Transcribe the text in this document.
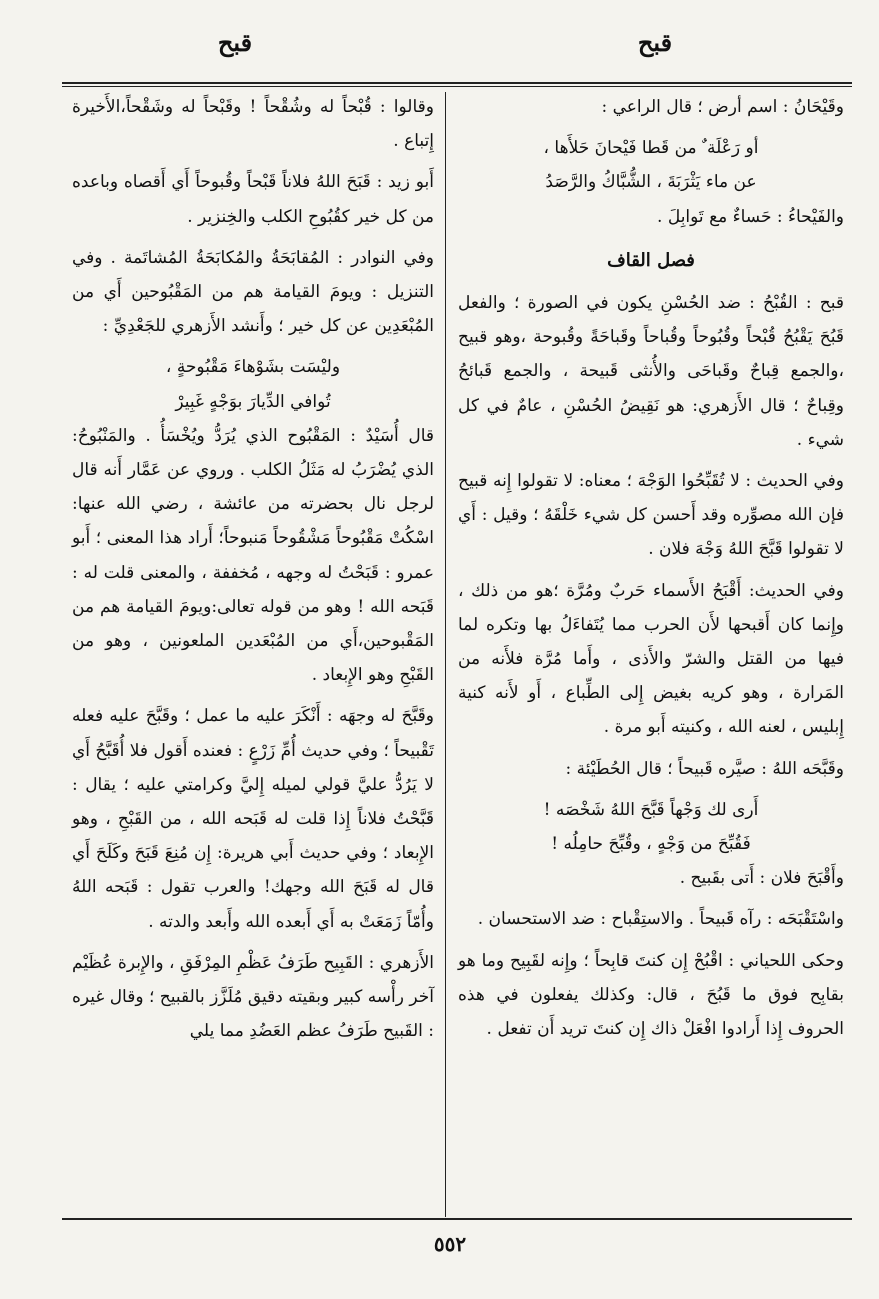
قبح
قبح

وقَيْحَانُ : اسم أرض ؛ قال الراعي :

أو رَعْلَة ٌ من قَطا فَيْحانَ حَلأَها ،

عن ماء يَثْرَبَةَ ، الشُّبَّاكُ والرَّصَدُ

والفَيْحاءُ : حَساءٌ مع تَوابِلَ .

فصل القاف

قبح : القُبْحُ : ضد الحُسْنِ يكون في الصورة ؛ والفعل قَبُحَ يَقْبُحُ قُبْحاً وقُبُوحاً وقُباحاً وقَباحَةً وقُبوحة ،وهو قبيح ،والجمع قِباحٌ وقَباحَى والأُنثى قَبيحة ، والجمع قَبائحُ وقِباحٌ ؛ قال الأَزهري: هو نَقِيضُ الحُسْنِ ، عامٌ في كل شيء .

وفي الحديث : لا تُقَبِّحُوا الوَجْهَ ؛ معناه: لا تقولوا إِنه قبيح فإن الله مصوِّره وقد أَحسن كل شيء خَلْقَهُ ؛ وقيل : أَي لا تقولوا قَبَّحَ اللهُ وَجْهَ فلان .

وفي الحديث: أَقْبَحُ الأَسماء حَربٌ ومُرَّة ؛هو من ذلك ، وإِنما كان أَقبحها لأَن الحرب مما يُتَفاءَلُ بها وتكره لما فيها من القتل والشرّ والأَذى ، وأَما مُرَّة فلأَنه من المَرارة ، وهو كريه بغيض إِلى الطِّباع ، أَو لأَنه كنية إِبليس ، لعنه الله ، وكنيته أَبو مرة .

وقَبَّحَه اللهُ : صيَّره قَبيحاً ؛ قال الحُطَيْئة :

أَرى لك وَجْهاً قَبَّحَ اللهُ شَخْصَه !

فَقُبِّحَ من وَجْهٍ ، وقُبِّحَ حامِلُه !

وأَقْبَحَ فلان : أَتى بقَبيح .

واسْتَقْبَحَه : رآه قَبيحاً . والاستِقْباح : ضد الاستحسان .

وحكى اللحياني : اقْبُحْ إِن كنتَ قابِحاً ؛ وإِنه لقَبِيح وما هو بقابِح فوق ما قَبُحَ ، قال: وكذلك يفعلون في هذه الحروف إِذا أَرادوا افْعَلْ ذاك إِن كنتَ تريد أَن تفعل .

وقالوا : قُبْحاً له وشُقْحاً ! وقَبْحاً له وشَقْحاً،الأَخيرة إِتباع .

أَبو زيد : قَبَحَ اللهُ فلاناً قَبْحاً وقُبوحاً أَي أَقصاه وباعده من كل خير كقُبُوحِ الكلب والخِنزير .

وفي النوادر : المُقابَحَةُ والمُكابَحَةُ المُشاتَمة . وفي التنزيل : ويومَ القيامة هم من المَقْبُوحين أَي من المُبْعَدِين عن كل خير ؛ وأَنشد الأَزهري للجَعْدِيِّ :

وليْسَت بشَوْهاءَ مَقْبُوحةٍ ،

تُوافي الدِّيارَ بوَجْهٍ غَبِيرْ

قال أُسَيْدٌ : المَقْبُوح الذي يُرَدُّ ويُخْسَأُ . والمَنْبُوحُ: الذي يُضْرَبُ له مَثَلُ الكلب . وروي عن عَمَّار أَنه قال لرجل نال بحضرته من عائشة ، رضي الله عنها: اسْكُتْ مَقْبُوحاً مَشْقُوحاً مَنبوحاً؛ أَراد هذا المعنى ؛ أَبو عمرو : قَبَحْتُ له وجهه ، مُخففة ، والمعنى قلت له : قَبَحه الله ! وهو من قوله تعالى:ويومَ القيامة هم من المَقْبوحين،أَي من المُبْعَدين الملعونين ، وهو من القَبْحِ وهو الإِبعاد .

وقَبَّحَ له وجهَه : أَنْكَرَ عليه ما عمل ؛ وقَبَّحَ عليه فعله تَقْبيحاً ؛ وفي حديث أُمِّ زَرْعٍ : فعنده أَقول فلا أُقَبَّحُ أَي لا يَرُدُّ عليَّ قولي لميله إِليَّ وكرامتي عليه ؛ يقال : قَبَّحْتُ فلاناً إِذا قلت له قَبَحه الله ، من القَبْحِ ، وهو الإِبعاد ؛ وفي حديث أَبي هريرة: إِن مُنِعَ قَبَحَ وكَلَحَ أَي قال له قَبَحَ الله وجهك! والعرب تقول : قَبَحه اللهُ وأُمّاً زَمَعَتْ به أَي أَبعده الله وأَبعد والدته .

الأَزهري : القَبِيح طَرَفُ عَظْمِ المِرْفَقِ ، والإِبرة عُظَيْم آخر رأْسه كبير وبقيته دقيق مُلَزَّز بالقبيح ؛ وقال غيره : القَبيح طَرَفُ عظم العَضُدِ مما يلي

٥٥٢
